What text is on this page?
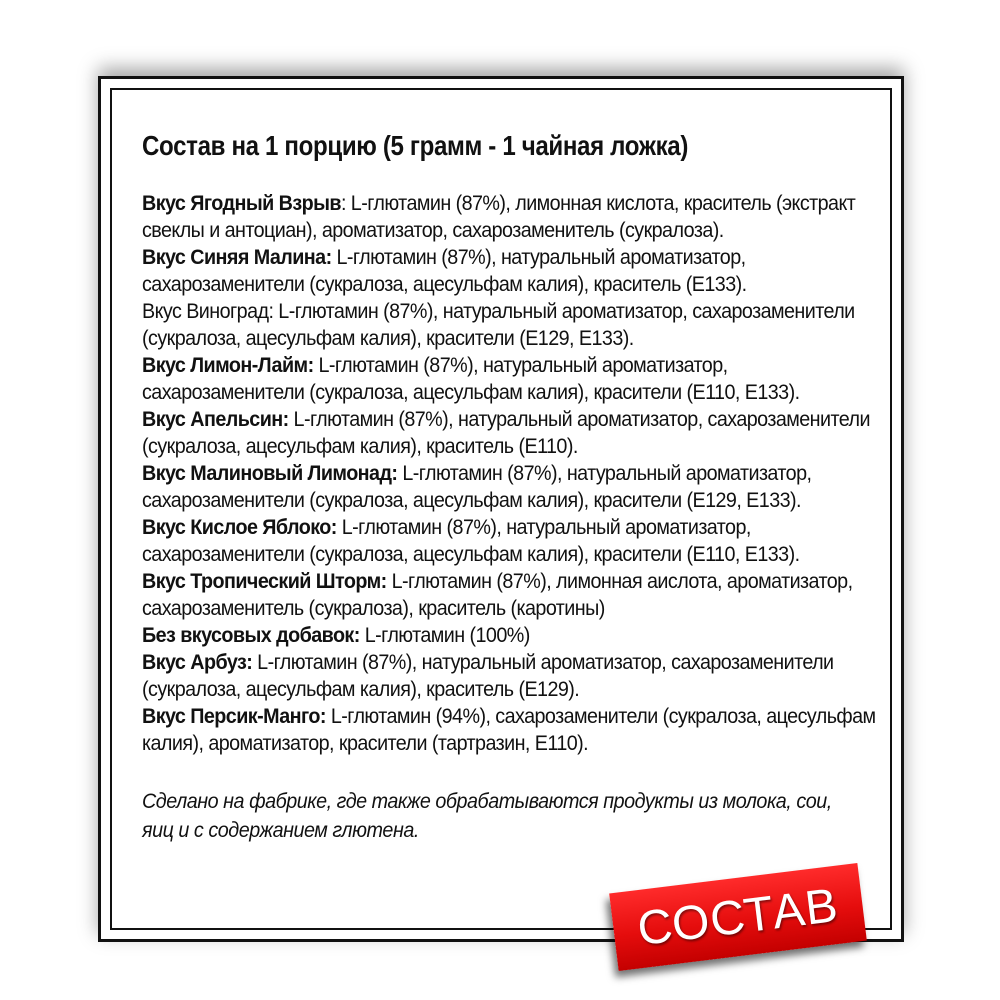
Состав на 1 порцию (5 грамм - 1 чайная ложка)
Вкус Ягодный Взрыв: L-глютамин (87%), лимонная кислота, краситель (экстракт свеклы и антоциан), ароматизатор, сахарозаменитель (сукралоза).
Вкус Синяя Малина: L-глютамин (87%), натуральный ароматизатор, сахарозаменители (сукралоза, ацесульфам калия), краситель (E133).
Вкус Виноград: L-глютамин (87%), натуральный ароматизатор, сахарозаменители (сукралоза, ацесульфам калия), красители (E129, E133).
Вкус Лимон-Лайм: L-глютамин (87%), натуральный ароматизатор, сахарозаменители (сукралоза, ацесульфам калия), красители (E110, E133).
Вкус Апельсин: L-глютамин (87%), натуральный ароматизатор, сахарозаменители (сукралоза, ацесульфам калия), краситель (E110).
Вкус Малиновый Лимонад: L-глютамин (87%), натуральный ароматизатор, сахарозаменители (сукралоза, ацесульфам калия), красители (E129, E133).
Вкус Кислое Яблоко: L-глютамин (87%), натуральный ароматизатор, сахарозаменители (сукралоза, ацесульфам калия), красители (E110, E133).
Вкус Тропический Шторм: L-глютамин (87%), лимонная аислота, ароматизатор, сахарозаменитель (сукралоза), краситель (каротины)
Без вкусовых добавок: L-глютамин (100%)
Вкус Арбуз: L-глютамин (87%), натуральный ароматизатор, сахарозаменители (сукралоза, ацесульфам калия), краситель (E129).
Вкус Персик-Манго: L-глютамин (94%), сахарозаменители (сукралоза, ацесульфам калия), ароматизатор, красители (тартразин, E110).
Сделано на фабрике, где также обрабатываются продукты из молока, сои, яиц и с содержанием глютена.
СОСТАВ
